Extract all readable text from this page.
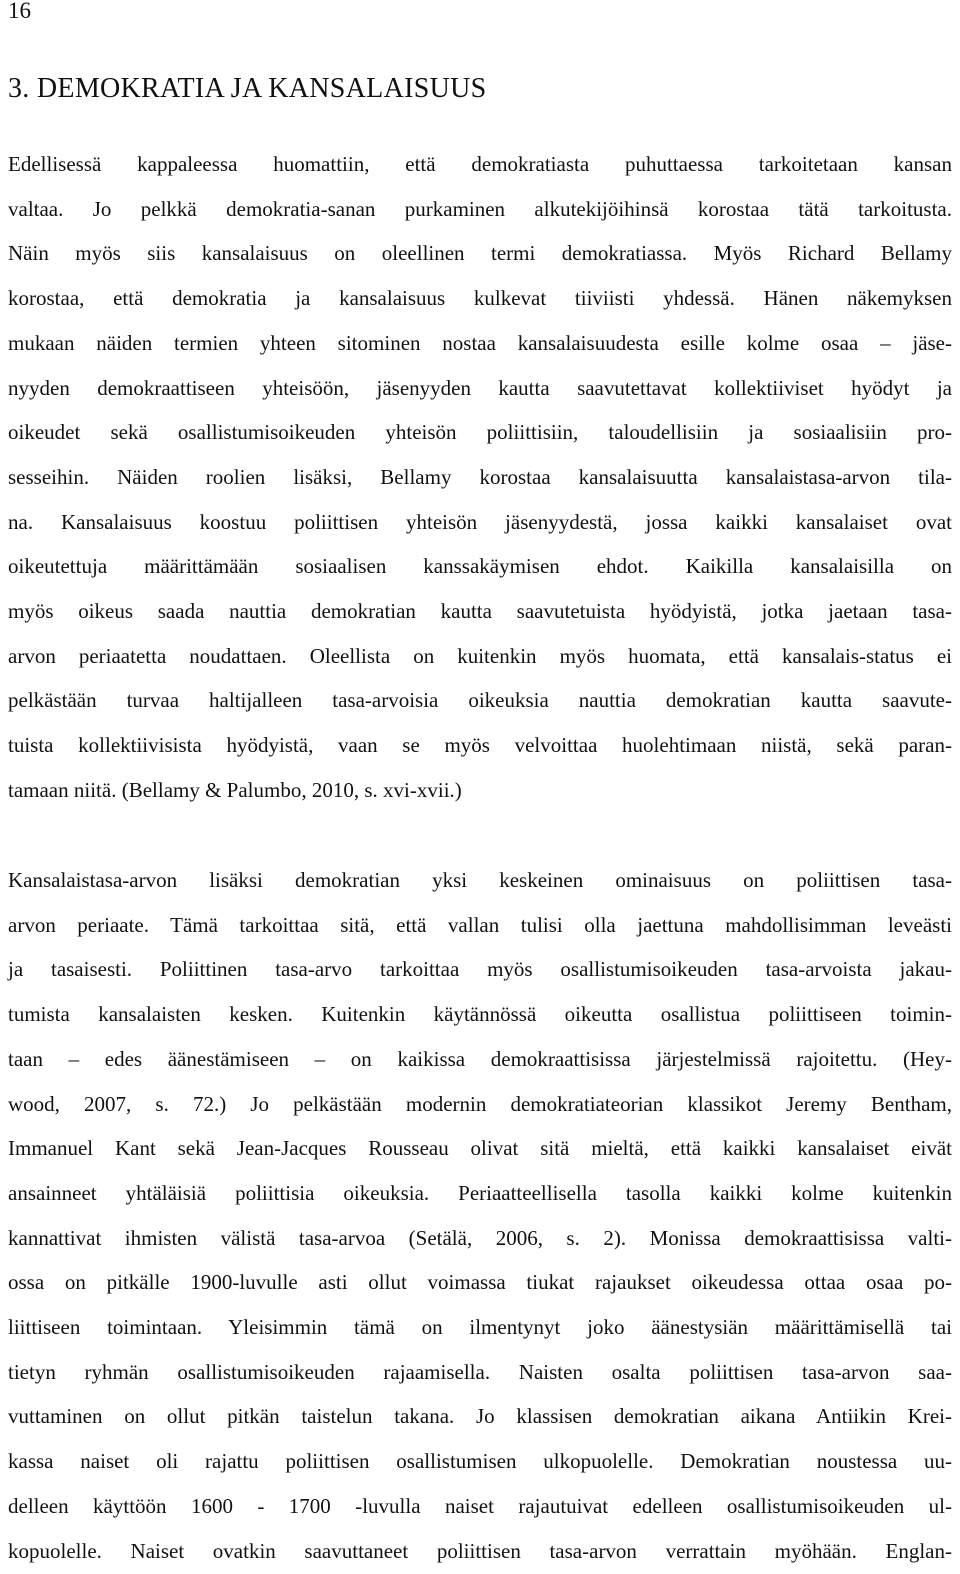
16
3. DEMOKRATIA JA KANSALAISUUS
Edellisessä kappaleessa huomattiin, että demokratiasta puhuttaessa tarkoitetaan kansan
valtaa. Jo pelkkä demokratia-sanan purkaminen alkutekijöihinsä korostaa tätä tarkoitusta.
Näin myös siis kansalaisuus on oleellinen termi demokratiassa. Myös Richard Bellamy
korostaa, että demokratia ja kansalaisuus kulkevat tiiviisti yhdessä. Hänen näkemyksen
mukaan näiden termien yhteen sitominen nostaa kansalaisuudesta esille kolme osaa – jäse-
nyyden demokraattiseen yhteisöön, jäsenyyden kautta saavutettavat kollektiiviset hyödyt ja
oikeudet sekä osallistumisoikeuden yhteisön poliittisiin, taloudellisiin ja sosiaalisiin pro-
sesseihin. Näiden roolien lisäksi, Bellamy korostaa kansalaisuutta kansalaistasa-arvon tila-
na. Kansalaisuus koostuu poliittisen yhteisön jäsenyydestä, jossa kaikki kansalaiset ovat
oikeutettuja määrittämään sosiaalisen kanssakäymisen ehdot. Kaikilla kansalaisilla on
myös oikeus saada nauttia demokratian kautta saavutetuista hyödyistä, jotka jaetaan tasa-
arvon periaatetta noudattaen. Oleellista on kuitenkin myös huomata, että kansalais-status ei
pelkästään turvaa haltijalleen tasa-arvoisia oikeuksia nauttia demokratian kautta saavute-
tuista kollektiivisista hyödyistä, vaan se myös velvoittaa huolehtimaan niistä, sekä paran-
tamaan niitä. (Bellamy & Palumbo, 2010, s. xvi-xvii.)
Kansalaistasa-arvon lisäksi demokratian yksi keskeinen ominaisuus on poliittisen tasa-
arvon periaate. Tämä tarkoittaa sitä, että vallan tulisi olla jaettuna mahdollisimman leveästi
ja tasaisesti. Poliittinen tasa-arvo tarkoittaa myös osallistumisoikeuden tasa-arvoista jakau-
tumista kansalaisten kesken. Kuitenkin käytännössä oikeutta osallistua poliittiseen toimin-
taan – edes äänestämiseen – on kaikissa demokraattisissa järjestelmissä rajoitettu. (Hey-
wood, 2007, s. 72.) Jo pelkästään modernin demokratiateorian klassikot Jeremy Bentham,
Immanuel Kant sekä Jean-Jacques Rousseau olivat sitä mieltä, että kaikki kansalaiset eivät
ansainneet yhtäläisiä poliittisia oikeuksia. Periaatteellisella tasolla kaikki kolme kuitenkin
kannattivat ihmisten välistä tasa-arvoa (Setälä, 2006, s. 2). Monissa demokraattisissa valti-
ossa on pitkälle 1900-luvulle asti ollut voimassa tiukat rajaukset oikeudessa ottaa osaa po-
liittiseen toimintaan. Yleisimmin tämä on ilmentynyt joko äänestysiän määrittämisellä tai
tietyn ryhmän osallistumisoikeuden rajaamisella. Naisten osalta poliittisen tasa-arvon saa-
vuttaminen on ollut pitkän taistelun takana. Jo klassisen demokratian aikana Antiikin Krei-
kassa naiset oli rajattu poliittisen osallistumisen ulkopuolelle. Demokratian noustessa uu-
delleen käyttöön 1600 - 1700 -luvulla naiset rajautuivat edelleen osallistumisoikeuden ul-
kopuolelle. Naiset ovatkin saavuttaneet poliittisen tasa-arvon verrattain myöhään. Englan-
